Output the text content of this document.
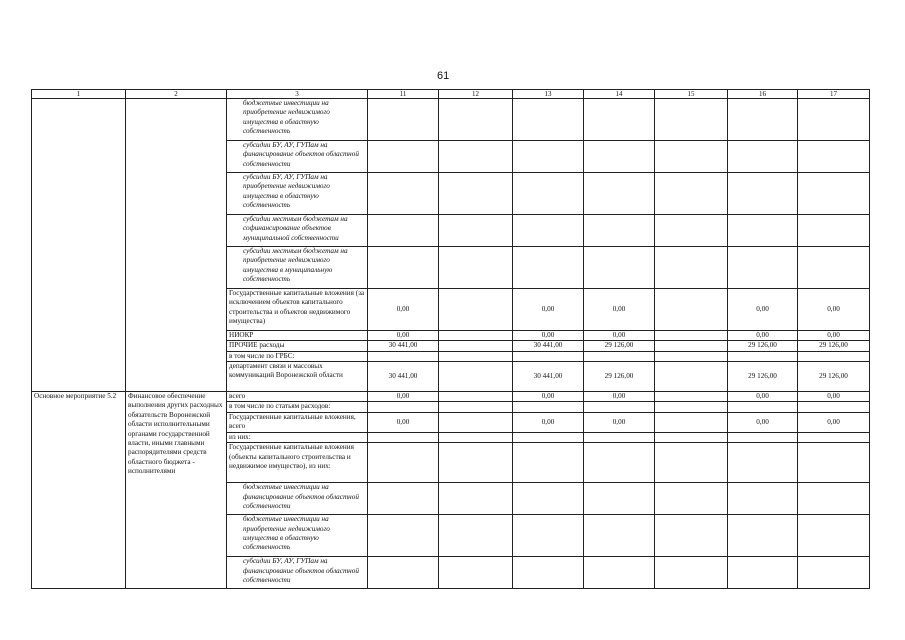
61
1	2	3	11	12	13	14	15	16	17
		бюджетные инвестиции на приобретение недвижимого имущества в областную собственность							
		субсидии БУ, АУ, ГУПам на финансирование объектов областной собственности							
		субсидии БУ, АУ, ГУПам на приобретение недвижимого имущества в областную собственность							
		субсидии местным бюджетам на софинансирование объектов муниципальной собственности							
		субсидии местным бюджетам на приобретение недвижимого имущества в муниципальную собственность							
		Государственные капитальные вложения (за исключением объектов капитального строительства и объектов недвижимого имущества)	0,00		0,00	0,00		0,00	0,00
		НИОКР	0,00		0,00	0,00		0,00	0,00
		ПРОЧИЕ расходы	30 441,00		30 441,00	29 126,00		29 126,00	29 126,00
		в том числе по ГРБС:							
		департамент связи и массовых коммуникаций Воронежской области	30 441,00		30 441,00	29 126,00		29 126,00	29 126,00
Основное мероприятие 5.2	Финансовое обеспечение выполнения других расходных обязательств Воронежской области исполнительными органами государственной власти, иными главными распорядителями средств областного бюджета - исполнителями	всего	0,00		0,00	0,00		0,00	0,00
		в том числе по статьям расходов:							
		Государственные капитальные вложения, всего	0,00		0,00	0,00		0,00	0,00
		из них:							
		Государственные капитальные вложения (объекты капитального строительства и недвижимое имущество), из них:							
		бюджетные инвестиции на финансирование объектов областной собственности							
		бюджетные инвестиции на приобретение недвижимого имущества в областную собственность							
		субсидии БУ, АУ, ГУПам на финансирование объектов областной собственности							
